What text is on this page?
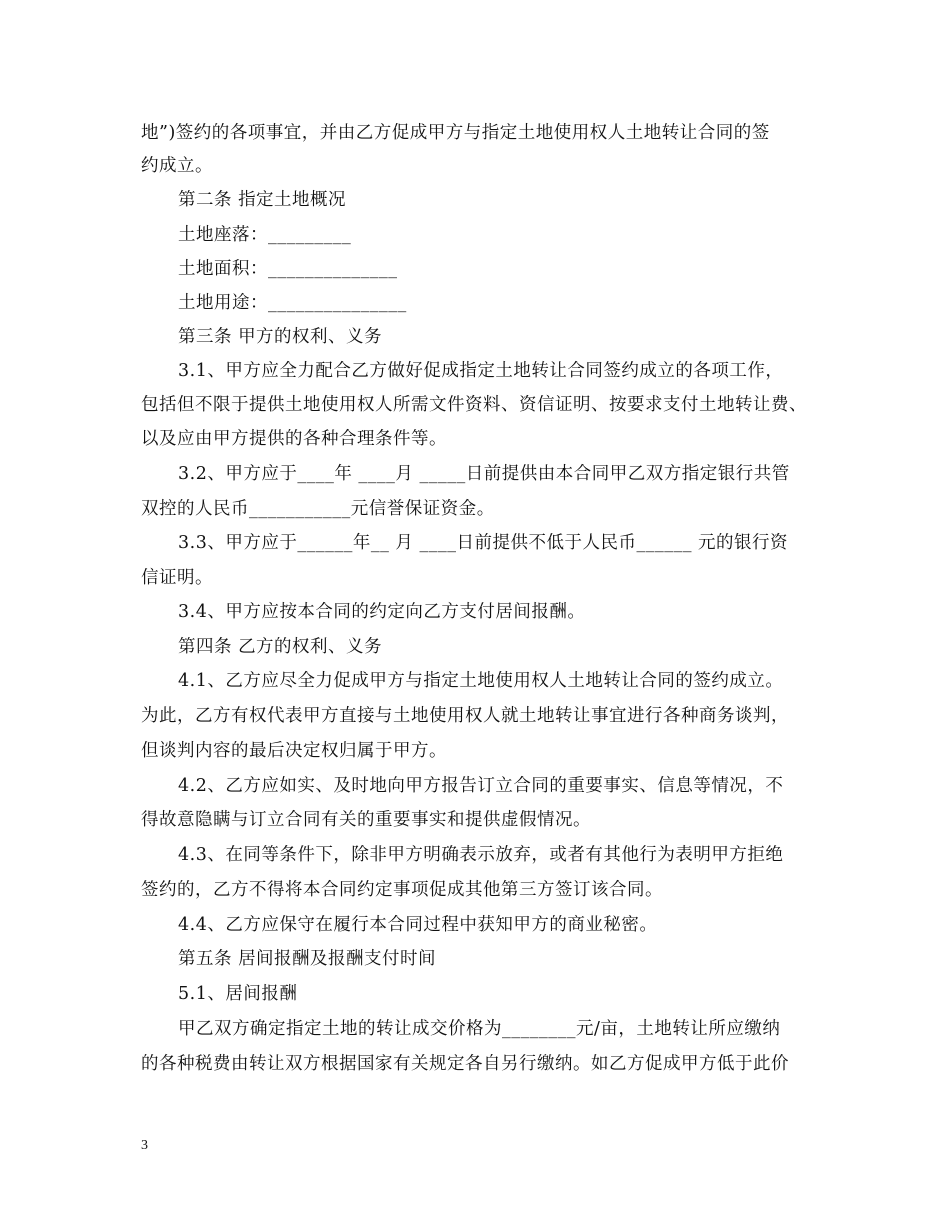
地”)签约的各项事宜，并由乙方促成甲方与指定土地使用权人土地转让合同的签
约成立。
第二条 指定土地概况
土地座落：_________
土地面积：______________
土地用途：_______________
第三条 甲方的权利、义务
3.1、甲方应全力配合乙方做好促成指定土地转让合同签约成立的各项工作，
包括但不限于提供土地使用权人所需文件资料、资信证明、按要求支付土地转让费、
以及应由甲方提供的各种合理条件等。
3.2、甲方应于____年 ____月 _____日前提供由本合同甲乙双方指定银行共管
双控的人民币___________元信誉保证资金。
3.3、甲方应于______年__ 月 ____日前提供不低于人民币______ 元的银行资
信证明。
3.4、甲方应按本合同的约定向乙方支付居间报酬。
第四条 乙方的权利、义务
4.1、乙方应尽全力促成甲方与指定土地使用权人土地转让合同的签约成立。
为此，乙方有权代表甲方直接与土地使用权人就土地转让事宜进行各种商务谈判，
但谈判内容的最后决定权归属于甲方。
4.2、乙方应如实、及时地向甲方报告订立合同的重要事实、信息等情况，不
得故意隐瞒与订立合同有关的重要事实和提供虚假情况。
4.3、在同等条件下，除非甲方明确表示放弃，或者有其他行为表明甲方拒绝
签约的，乙方不得将本合同约定事项促成其他第三方签订该合同。
4.4、乙方应保守在履行本合同过程中获知甲方的商业秘密。
第五条 居间报酬及报酬支付时间
5.1、居间报酬
甲乙双方确定指定土地的转让成交价格为________元/亩，土地转让所应缴纳
的各种税费由转让双方根据国家有关规定各自另行缴纳。如乙方促成甲方低于此价
3
